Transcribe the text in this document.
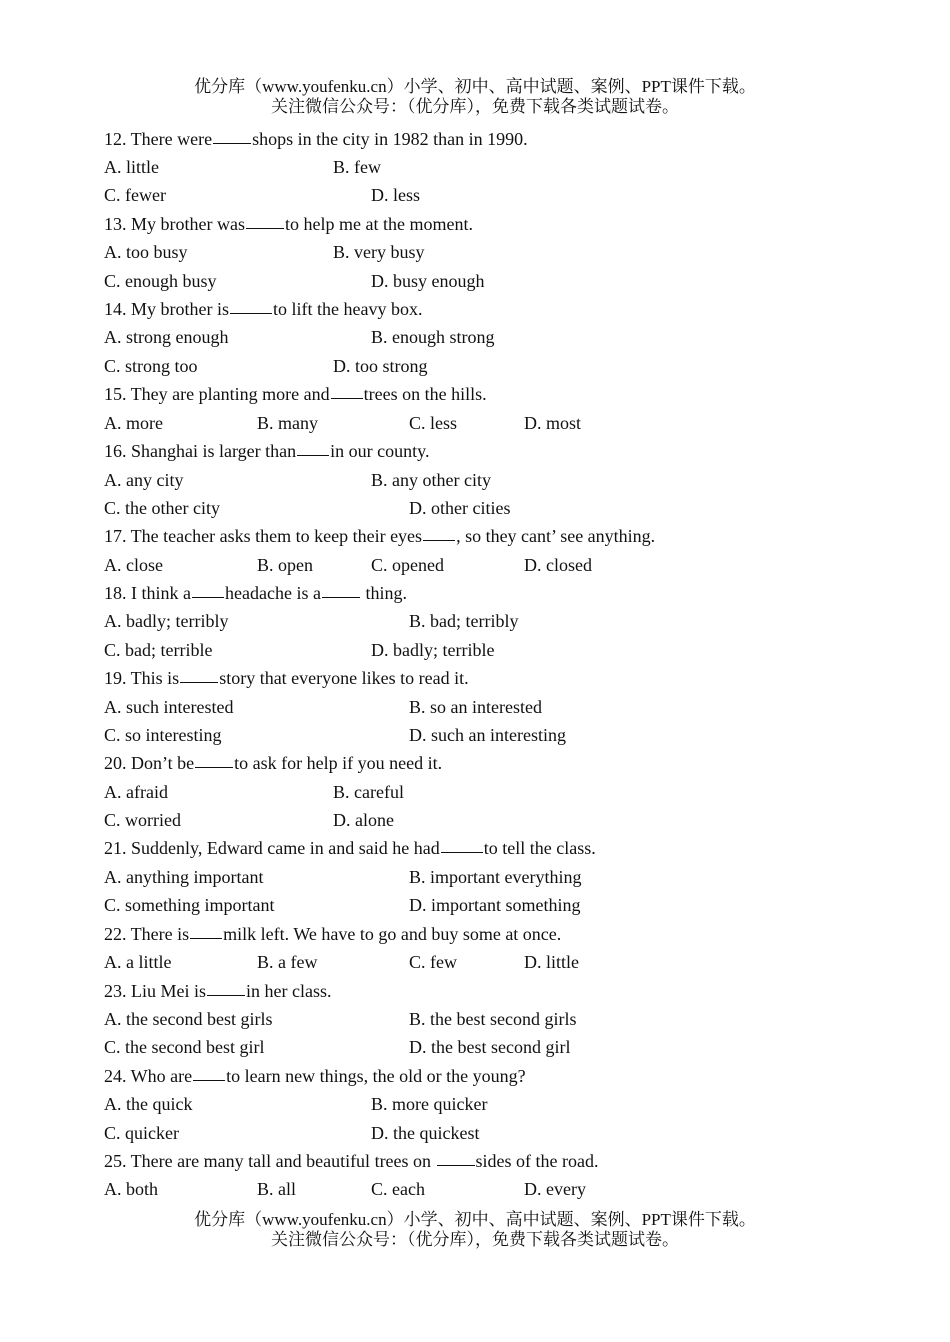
优分库（www.youfenku.cn）小学、初中、高中试题、案例、PPT课件下载。
关注微信公众号：（优分库），免费下载各类试题试卷。
12. There were shops in the city in 1982 than in 1990.
A. little	B. few
C. fewer	D. less
13. My brother was to help me at the moment.
A. too busy	B. very busy
C. enough busy	D. busy enough
14. My brother is to lift the heavy box.
A. strong enough	B. enough strong
C. strong too	D. too strong
15. They are planting more and trees on the hills.
A. more	B. many	C. less	D. most
16. Shanghai is larger than in our county.
A. any city	B. any other city
C. the other city	D. other cities
17. The teacher asks them to keep their eyes , so they cant’ see anything.
A. close	B. open	C. opened	D. closed
18. I think a headache is a thing.
A. badly; terribly	B. bad; terribly
C. bad; terrible	D. badly; terrible
19. This is story that everyone likes to read it.
A. such interested	B. so an interested
C. so interesting	D. such an interesting
20. Don’t be to ask for help if you need it.
A. afraid	B. careful
C. worried	D. alone
21. Suddenly, Edward came in and said he had to tell the class.
A. anything important	B. important everything
C. something important	D. important something
22. There is milk left. We have to go and buy some at once.
A. a little	B. a few	C. few	D. little
23. Liu Mei is in her class.
A. the second best girls	B. the best second girls
C. the second best girl	D. the best second girl
24. Who are to learn new things, the old or the young?
A. the quick	B. more quicker
C. quicker	D. the quickest
25. There are many tall and beautiful trees on sides of the road.
A. both	B. all	C. each	D. every
优分库（www.youfenku.cn）小学、初中、高中试题、案例、PPT课件下载。
关注微信公众号：（优分库），免费下载各类试题试卷。
